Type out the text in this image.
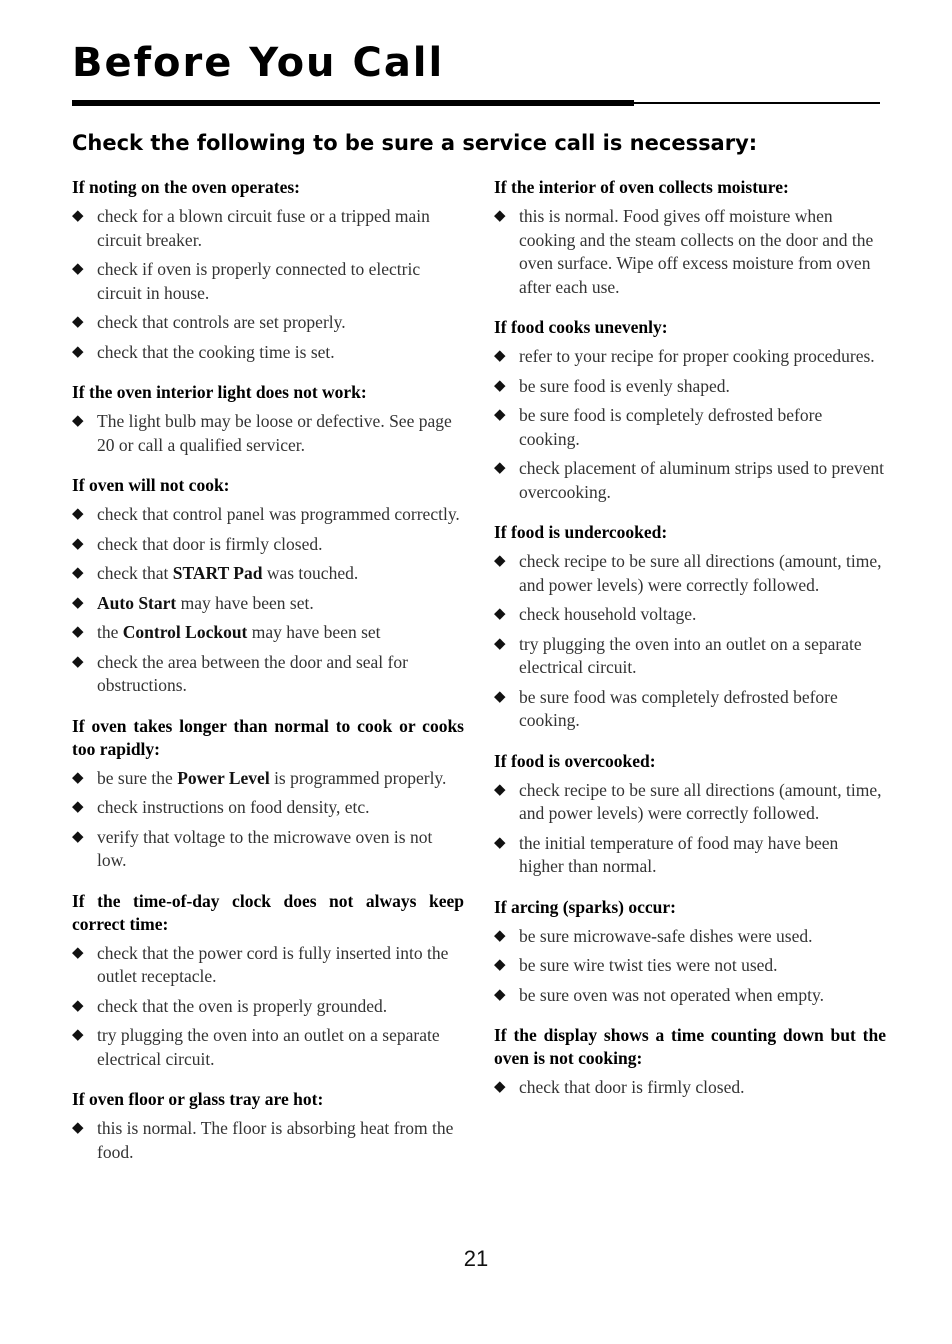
Before You Call
Check the following to be sure a service call is necessary:
If noting on the oven operates:
◆ check for a blown circuit fuse or a tripped main circuit breaker.
◆ check if oven is properly connected to electric circuit in house.
◆ check that controls are set properly.
◆ check that the cooking time is set.
If the oven interior light does not work:
◆ The light bulb may be loose or defective. See page 20 or call a qualified servicer.
If oven will not cook:
◆ check that control panel was programmed correctly.
◆ check that door is firmly closed.
◆ check that START Pad was touched.
◆ Auto Start may have been set.
◆ the Control Lockout may have been set
◆ check the area between the door and seal for obstructions.
If oven takes longer than normal to cook or cooks too rapidly:
◆ be sure the Power Level is programmed properly.
◆ check instructions on food density, etc.
◆ verify that voltage to the microwave oven is not low.
If the time-of-day clock does not always keep correct time:
◆ check that the power cord is fully inserted into the outlet receptacle.
◆ check that the oven is properly grounded.
◆ try plugging the oven into an outlet on a separate electrical circuit.
If oven floor or glass tray are hot:
◆ this is normal. The floor is absorbing heat from the food.
If the interior of oven collects moisture:
◆ this is normal. Food gives off moisture when cooking and the steam collects on the door and the oven surface. Wipe off excess moisture from oven after each use.
If food cooks unevenly:
◆ refer to your recipe for proper cooking procedures.
◆ be sure food is evenly shaped.
◆ be sure food is completely defrosted before cooking.
◆ check placement of aluminum strips used to prevent overcooking.
If food is undercooked:
◆ check recipe to be sure all directions (amount, time, and power levels) were correctly followed.
◆ check household voltage.
◆ try plugging the oven into an outlet on a separate electrical circuit.
◆ be sure food was completely defrosted before cooking.
If food is overcooked:
◆ check recipe to be sure all directions (amount, time, and power levels) were correctly followed.
◆ the initial temperature of food may have been higher than normal.
If arcing (sparks) occur:
◆ be sure microwave-safe dishes were used.
◆ be sure wire twist ties were not used.
◆ be sure oven was not operated when empty.
If the display shows a time counting down but the oven is not cooking:
◆ check that door is firmly closed.
21
